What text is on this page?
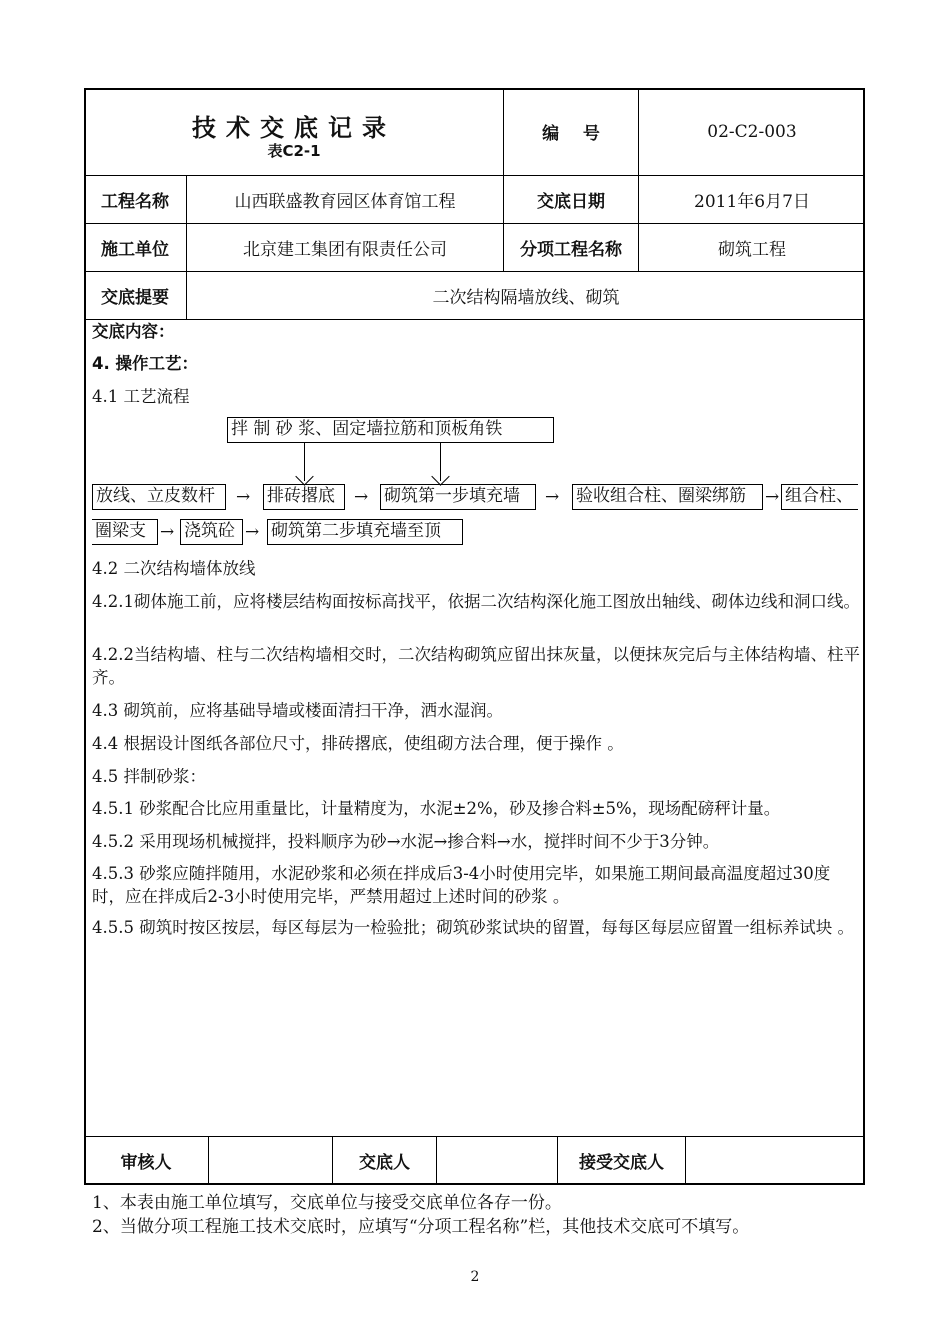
技术交底记录
表C2-1
编    号	02-C2-003
工程名称	山西联盛教育园区体育馆工程	交底日期	2011年6月7日
施工单位	北京建工集团有限责任公司	分项工程名称	砌筑工程
交底提要	二次结构隔墙放线、砌筑
交底内容：
4. 操作工艺：
4.1 工艺流程
拌 制 砂 浆、固定墙拉筋和顶板角铁
放线、立皮数杆	→ 排砖撂底	→ 砌筑第一步填充墙	→ 验收组合柱、圈梁绑筋	→ 组合柱、
圈梁支 → 浇筑砼 → 砌筑第二步填充墙至顶
4.2 二次结构墙体放线
4.2.1砌体施工前，应将楼层结构面按标高找平，依据二次结构深化施工图放出轴线、砌体边线和洞口线。
4.2.2当结构墙、柱与二次结构墙相交时，二次结构砌筑应留出抹灰量，以便抹灰完后与主体结构墙、柱平齐。
4.3 砌筑前，应将基础导墙或楼面清扫干净，洒水湿润。
4.4 根据设计图纸各部位尺寸，排砖撂底，使组砌方法合理，便于操作 。
4.5 拌制砂浆：
4.5.1 砂浆配合比应用重量比，计量精度为，水泥±2%，砂及掺合料±5%，现场配磅秤计量。
4.5.2 采用现场机械搅拌，投料顺序为砂→水泥→掺合料→水，搅拌时间不少于3分钟。
4.5.3 砂浆应随拌随用，水泥砂浆和必须在拌成后3-4小时使用完毕，如果施工期间最高温度超过30度时，应在拌成后2-3小时使用完毕，严禁用超过上述时间的砂浆 。
4.5.5 砌筑时按区按层，每区每层为一检验批；砌筑砂浆试块的留置，每每区每层应留置一组标养试块 。
审核人	交底人	接受交底人
1、本表由施工单位填写，交底单位与接受交底单位各存一份。
2、当做分项工程施工技术交底时，应填写“分项工程名称”栏，其他技术交底可不填写。
2
